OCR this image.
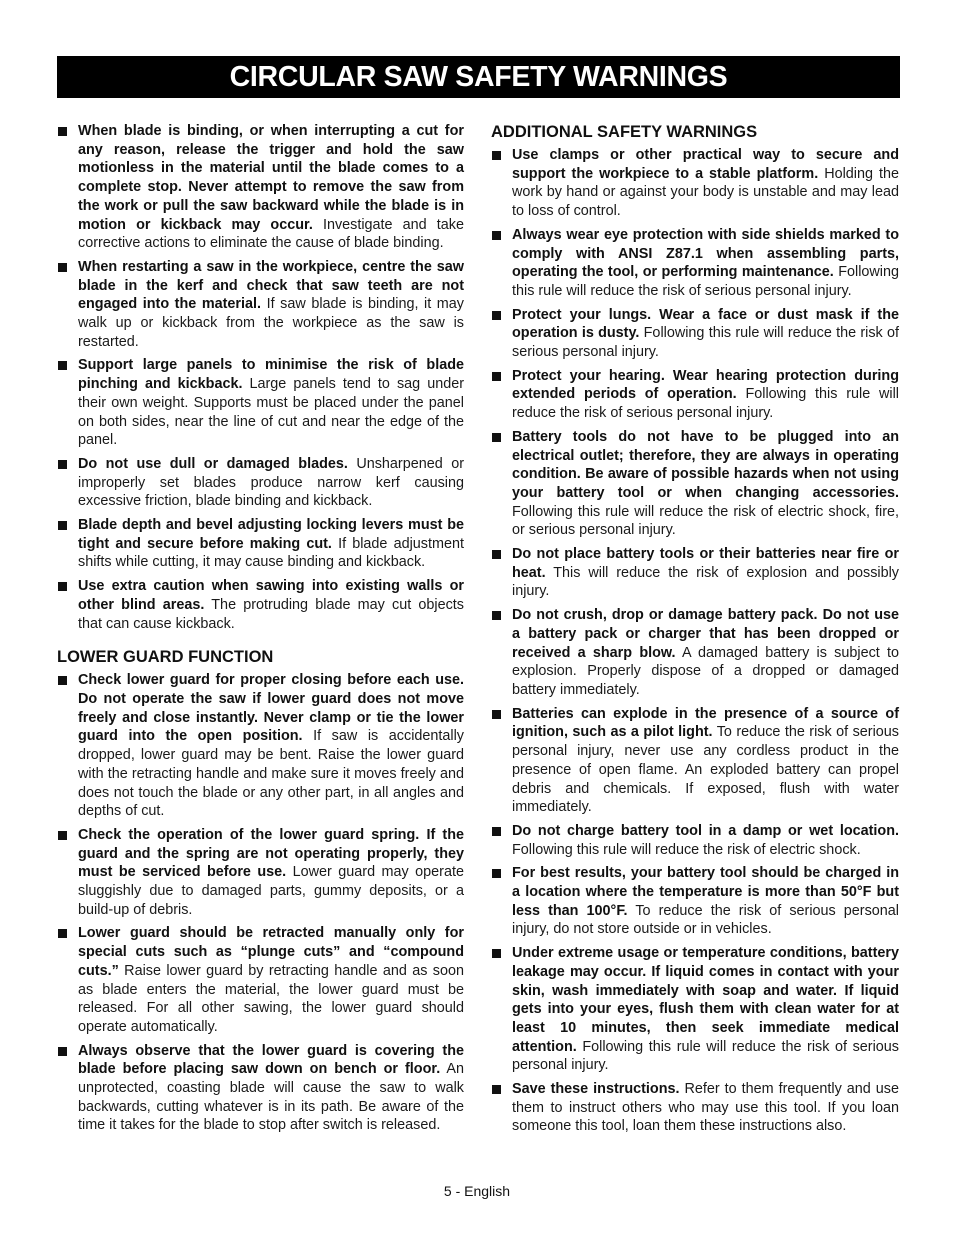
CIRCULAR SAW SAFETY WARNINGS
When blade is binding, or when interrupting a cut for any reason, release the trigger and hold the saw motionless in the material until the blade comes to a complete stop. Never attempt to remove the saw from the work or pull the saw backward while the blade is in motion or kickback may occur. Investigate and take corrective actions to eliminate the cause of blade binding.
When restarting a saw in the workpiece, centre the saw blade in the kerf and check that saw teeth are not engaged into the material. If saw blade is binding, it may walk up or kickback from the workpiece as the saw is restarted.
Support large panels to minimise the risk of blade pinching and kickback. Large panels tend to sag under their own weight. Supports must be placed under the panel on both sides, near the line of cut and near the edge of the panel.
Do not use dull or damaged blades. Unsharpened or improperly set blades produce narrow kerf causing excessive friction, blade binding and kickback.
Blade depth and bevel adjusting locking levers must be tight and secure before making cut. If blade adjustment shifts while cutting, it may cause binding and kickback.
Use extra caution when sawing into existing walls or other blind areas. The protruding blade may cut objects that can cause kickback.
LOWER GUARD FUNCTION
Check lower guard for proper closing before each use. Do not operate the saw if lower guard does not move freely and close instantly. Never clamp or tie the lower guard into the open position. If saw is accidentally dropped, lower guard may be bent. Raise the lower guard with the retracting handle and make sure it moves freely and does not touch the blade or any other part, in all angles and depths of cut.
Check the operation of the lower guard spring. If the guard and the spring are not operating properly, they must be serviced before use. Lower guard may operate sluggishly due to damaged parts, gummy deposits, or a build-up of debris.
Lower guard should be retracted manually only for special cuts such as “plunge cuts” and “compound cuts.” Raise lower guard by retracting handle and as soon as blade enters the material, the lower guard must be released. For all other sawing, the lower guard should operate automatically.
Always observe that the lower guard is covering the blade before placing saw down on bench or floor. An unprotected, coasting blade will cause the saw to walk backwards, cutting whatever is in its path. Be aware of the time it takes for the blade to stop after switch is released.
ADDITIONAL SAFETY WARNINGS
Use clamps or other practical way to secure and support the workpiece to a stable platform. Holding the work by hand or against your body is unstable and may lead to loss of control.
Always wear eye protection with side shields marked to comply with ANSI Z87.1 when assembling parts, operating the tool, or performing maintenance. Following this rule will reduce the risk of serious personal injury.
Protect your lungs. Wear a face or dust mask if the operation is dusty. Following this rule will reduce the risk of serious personal injury.
Protect your hearing. Wear hearing protection during extended periods of operation. Following this rule will reduce the risk of serious personal injury.
Battery tools do not have to be plugged into an electrical outlet; therefore, they are always in operating condition. Be aware of possible hazards when not using your battery tool or when changing accessories. Following this rule will reduce the risk of electric shock, fire, or serious personal injury.
Do not place battery tools or their batteries near fire or heat. This will reduce the risk of explosion and possibly injury.
Do not crush, drop or damage battery pack. Do not use a battery pack or charger that has been dropped or received a sharp blow. A damaged battery is subject to explosion. Properly dispose of a dropped or damaged battery immediately.
Batteries can explode in the presence of a source of ignition, such as a pilot light. To reduce the risk of serious personal injury, never use any cordless product in the presence of open flame. An exploded battery can propel debris and chemicals. If exposed, flush with water immediately.
Do not charge battery tool in a damp or wet location. Following this rule will reduce the risk of electric shock.
For best results, your battery tool should be charged in a location where the temperature is more than 50°F but less than 100°F. To reduce the risk of serious personal injury, do not store outside or in vehicles.
Under extreme usage or temperature conditions, battery leakage may occur. If liquid comes in contact with your skin, wash immediately with soap and water. If liquid gets into your eyes, flush them with clean water for at least 10 minutes, then seek immediate medical attention. Following this rule will reduce the risk of serious personal injury.
Save these instructions. Refer to them frequently and use them to instruct others who may use this tool. If you loan someone this tool, loan them these instructions also.
5 - English
